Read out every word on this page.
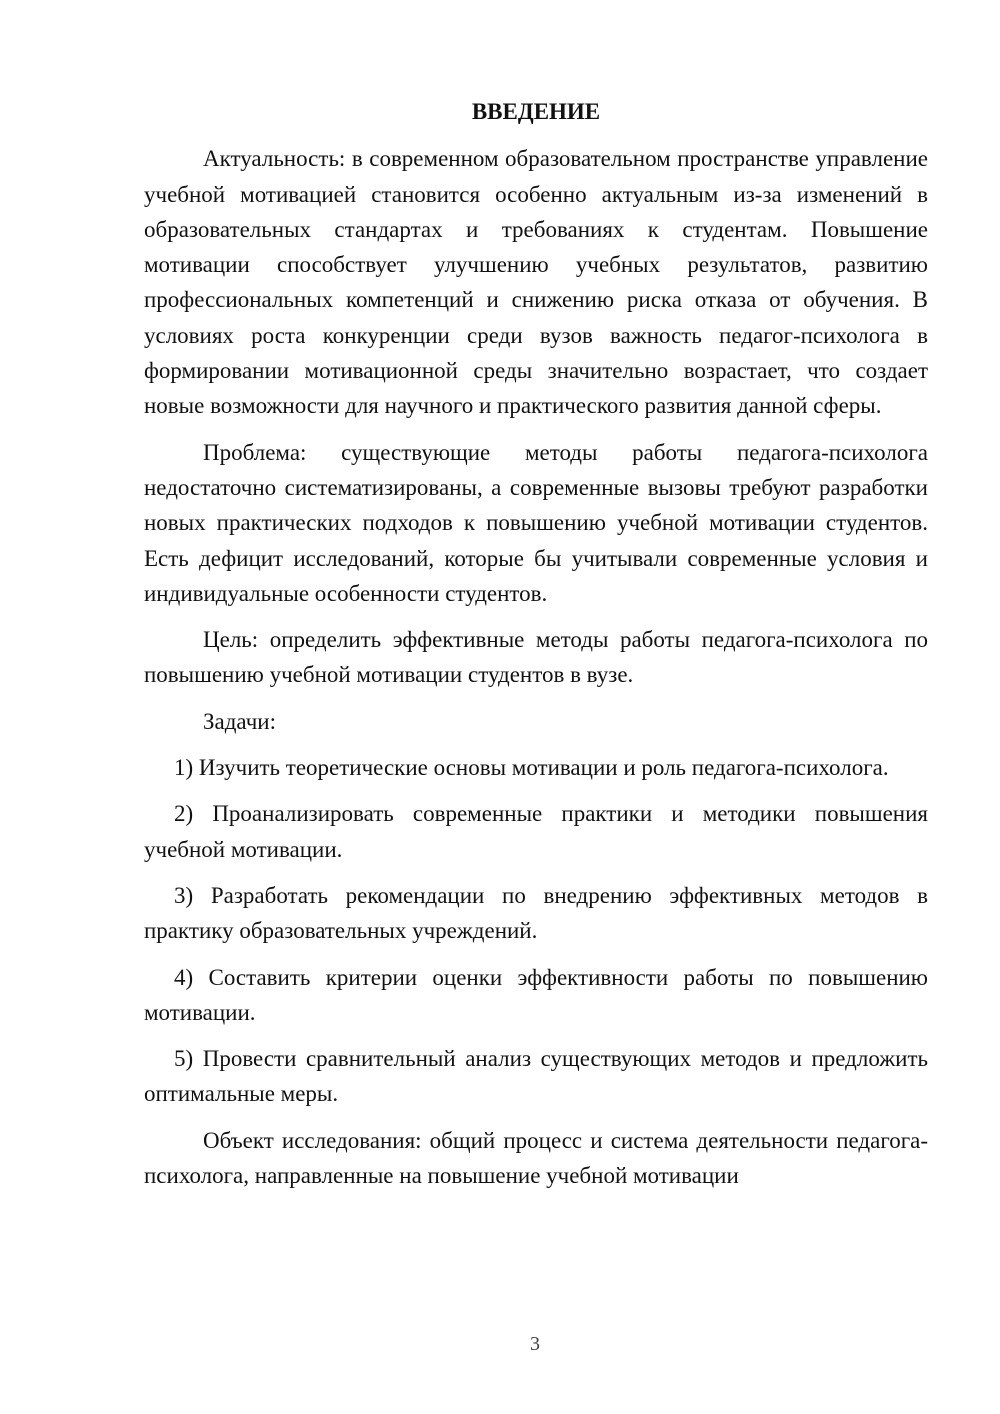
ВВЕДЕНИЕ

Актуальность: в современном образовательном пространстве управление учебной мотивацией становится особенно актуальным из-за изменений в образовательных стандартах и требованиях к студентам. Повышение мотивации способствует улучшению учебных результатов, развитию профессиональных компетенций и снижению риска отказа от обучения. В условиях роста конкуренции среди вузов важность педагог-психолога в формировании мотивационной среды значительно возрастает, что создает новые возможности для научного и практического развития данной сферы.

Проблема: существующие методы работы педагога-психолога недостаточно систематизированы, а современные вызовы требуют разработки новых практических подходов к повышению учебной мотивации студентов. Есть дефицит исследований, которые бы учитывали современные условия и индивидуальные особенности студентов.

Цель: определить эффективные методы работы педагога-психолога по повышению учебной мотивации студентов в вузе.

Задачи:

1) Изучить теоретические основы мотивации и роль педагога-психолога.

2) Проанализировать современные практики и методики повышения учебной мотивации.

3) Разработать рекомендации по внедрению эффективных методов в практику образовательных учреждений.

4) Составить критерии оценки эффективности работы по повышению мотивации.

5) Провести сравнительный анализ существующих методов и предложить оптимальные меры.

Объект исследования: общий процесс и система деятельности педагога-психолога, направленные на повышение учебной мотивации

3
